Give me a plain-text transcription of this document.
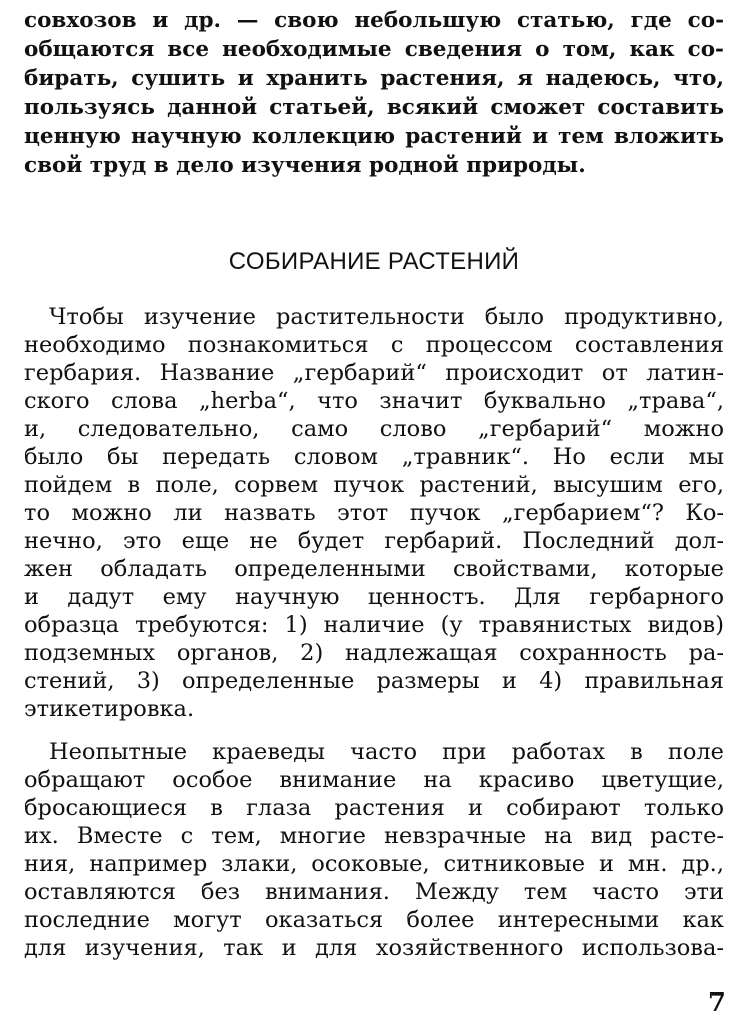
совхозов и др. — свою небольшую статью, где со-
общаются все необходимые сведения о том, как со-
бирать, сушить и хранить растения, я надеюсь, что,
пользуясь данной статьей, всякий сможет составить
ценную научную коллекцию растений и тем вложить
свой труд в дело изучения родной природы.
СОБИРАНИЕ РАСТЕНИЙ
Чтобы изучение растительности было продуктивно,
необходимо познакомиться с процессом составления
гербария. Название „гербарий“ происходит от латин-
ского слова „herba“, что значит буквально „трава“,
и, следовательно, само слово „гербарий“ можно
было бы передать словом „травник“. Но если мы
пойдем в поле, сорвем пучок растений, высушим его,
то можно ли назвать этот пучок „гербарием“? Ко-
нечно, это еще не будет гербарий. Последний дол-
жен обладать определенными свойствами, которые
и дадут ему научную ценностъ. Для гербарного
образца требуются: 1) наличие (у травянистых видов)
подземных органов, 2) надлежащая сохранность ра-
стений, 3) определенные размеры и 4) правильная
этикетировка.
Неопытные краеведы часто при работах в поле
обращают особое внимание на красиво цветущие,
бросающиеся в глаза растения и собирают только
их. Вместе с тем, многие невзрачные на вид расте-
ния, например злаки, осоковые, ситниковые и мн. др.,
оставляются без внимания. Между тем часто эти
последние могут оказаться более интересными как
для изучения, так и для хозяйственного использова-
7
